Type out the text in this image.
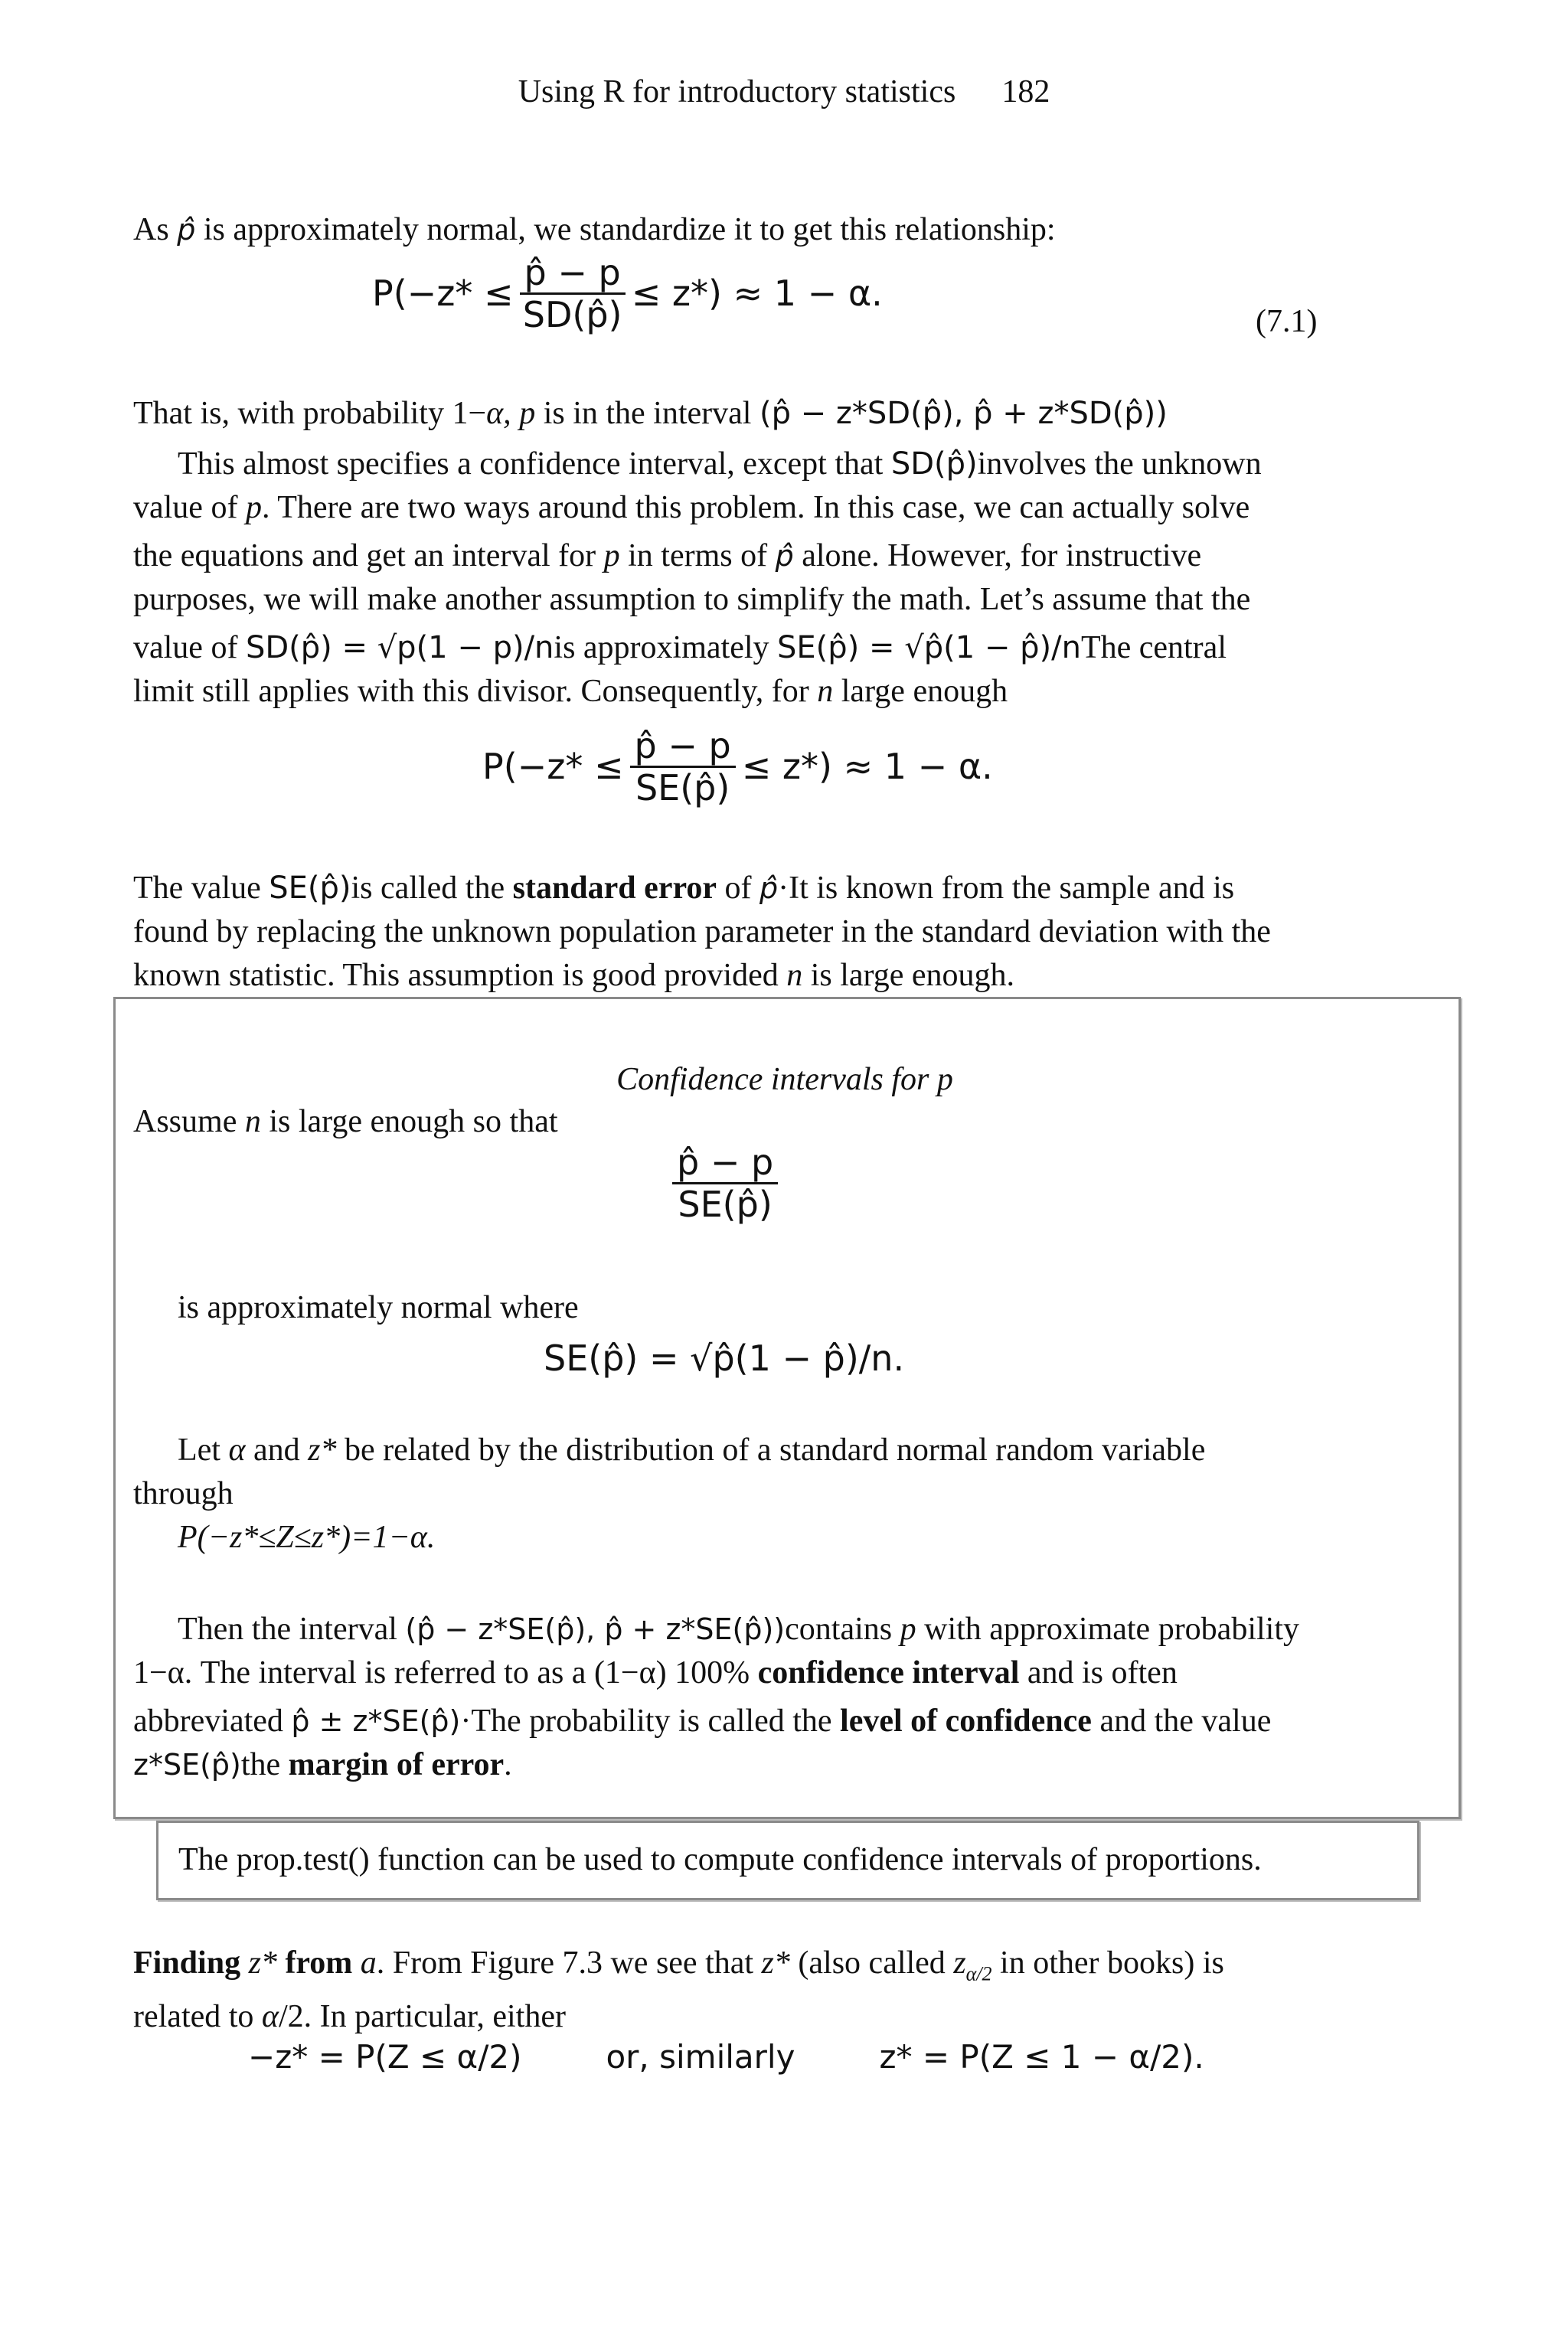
Using R for introductory statistics 182
As p̂ is approximately normal, we standardize it to get this relationship:
$P(-z* \le \frac{p̂ - p}{SD(p̂)} \le z*) \approx 1 - \alpha$.
(7.1)
That is, with probability 1−α, p is in the interval (p̂ − z*SD(p̂), p̂ + z*SD(p̂))
This almost specifies a confidence interval, except that SD(p̂)involves the unknown
value of p. There are two ways around this problem. In this case, we can actually solve
the equations and get an interval for p in terms of p̂ alone. However, for instructive
purposes, we will make another assumption to simplify the math. Let’s assume that the
value of SD(p̂) = √p(1 − p)/nis approximately SE(p̂) = √p̂(1 − p̂)/nThe central
limit still applies with this divisor. Consequently, for n large enough
$P(-z* \le \frac{p̂ - p}{SE(p̂)} \le z*) \approx 1 - \alpha$.
The value SE(p̂)is called the standard error of p̂·It is known from the sample and is
found by replacing the unknown population parameter in the standard deviation with the
known statistic. This assumption is good provided n is large enough.
Confidence intervals for p
Assume n is large enough so that
$\frac{p̂ - p}{SE(p̂)}$
is approximately normal where
SE(p̂) = √p̂(1 − p̂)/n.
Let α and z* be related by the distribution of a standard normal random variable
through
P(−z*≤Z≤z*)=1−α.
Then the interval (p̂ − z*SE(p̂), p̂ + z*SE(p̂))contains p with approximate probability
1−α. The interval is referred to as a (1−α) 100% confidence interval and is often
abbreviated p̂ ± z*SE(p̂)·The probability is called the level of confidence and the value
z*SE(p̂)the margin of error.
The prop.test() function can be used to compute confidence intervals of proportions.
Finding z* from a. From Figure 7.3 we see that z* (also called $z_{\alpha/2}$ in other books) is
related to α/2. In particular, either
−z* = P(Z ≤ α/2)	or, similarly	z* = P(Z ≤ 1 − α/2).
